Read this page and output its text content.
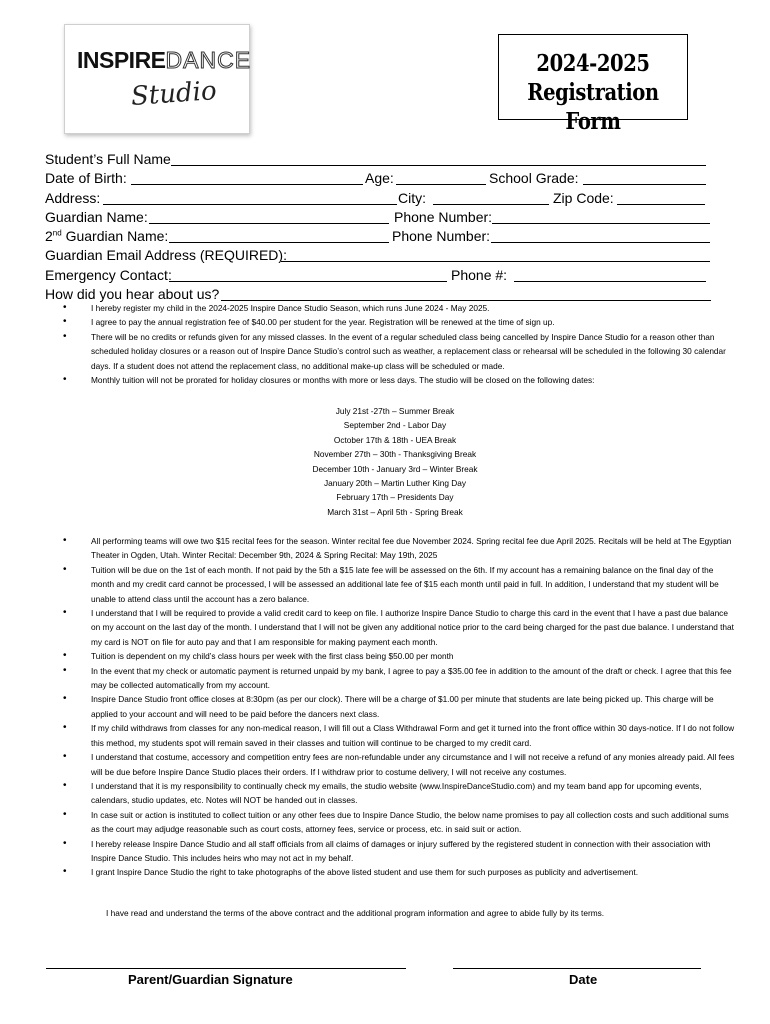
INSPIREDANCE
Studio
2024-2025
Registration Form
Student’s Full Name
Date of Birth:	Age:	School Grade:
Address:	City:	Zip Code:
Guardian Name:	Phone Number:
2nd Guardian Name:	Phone Number:
Guardian Email Address (REQUIRED):
Emergency Contact:	Phone #:
How did you hear about us?
• I hereby register my child in the 2024-2025 Inspire Dance Studio Season, which runs June 2024 - May 2025.
• I agree to pay the annual registration fee of $40.00 per student for the year. Registration will be renewed at the time of sign up.
• There will be no credits or refunds given for any missed classes. In the event of a regular scheduled class being cancelled by Inspire Dance Studio for a reason other than scheduled holiday closures or a reason out of Inspire Dance Studio’s control such as weather, a replacement class or rehearsal will be scheduled in the following 30 calendar days. If a student does not attend the replacement class, no additional make-up class will be scheduled or made.
• Monthly tuition will not be prorated for holiday closures or months with more or less days. The studio will be closed on the following dates:
July 21st -27th – Summer Break
September 2nd - Labor Day
October 17th & 18th - UEA Break
November 27th – 30th - Thanksgiving Break
December 10th - January 3rd – Winter Break
January 20th – Martin Luther King Day
February 17th – Presidents Day
March 31st – April 5th - Spring Break
• All performing teams will owe two $15 recital fees for the season. Winter recital fee due November 2024. Spring recital fee due April 2025. Recitals will be held at The Egyptian Theater in Ogden, Utah. Winter Recital: December 9th, 2024 & Spring Recital: May 19th, 2025
• Tuition will be due on the 1st of each month. If not paid by the 5th a $15 late fee will be assessed on the 6th. If my account has a remaining balance on the final day of the month and my credit card cannot be processed, I will be assessed an additional late fee of $15 each month until paid in full. In addition, I understand that my student will be unable to attend class until the account has a zero balance.
• I understand that I will be required to provide a valid credit card to keep on file. I authorize Inspire Dance Studio to charge this card in the event that I have a past due balance on my account on the last day of the month. I understand that I will not be given any additional notice prior to the card being charged for the past due balance. I understand that my card is NOT on file for auto pay and that I am responsible for making payment each month.
• Tuition is dependent on my child’s class hours per week with the first class being $50.00 per month
• In the event that my check or automatic payment is returned unpaid by my bank, I agree to pay a $35.00 fee in addition to the amount of the draft or check. I agree that this fee may be collected automatically from my account.
• Inspire Dance Studio front office closes at 8:30pm (as per our clock). There will be a charge of $1.00 per minute that students are late being picked up. This charge will be applied to your account and will need to be paid before the dancers next class.
• If my child withdraws from classes for any non-medical reason, I will fill out a Class Withdrawal Form and get it turned into the front office within 30 days-notice. If I do not follow this method, my students spot will remain saved in their classes and tuition will continue to be charged to my credit card.
• I understand that costume, accessory and competition entry fees are non-refundable under any circumstance and I will not receive a refund of any monies already paid. All fees will be due before Inspire Dance Studio places their orders. If I withdraw prior to costume delivery, I will not receive any costumes.
• I understand that it is my responsibility to continually check my emails, the studio website (www.InspireDanceStudio.com) and my team band app for upcoming events, calendars, studio updates, etc. Notes will NOT be handed out in classes.
• In case suit or action is instituted to collect tuition or any other fees due to Inspire Dance Studio, the below name promises to pay all collection costs and such additional sums as the court may adjudge reasonable such as court costs, attorney fees, service or process, etc. in said suit or action.
• I hereby release Inspire Dance Studio and all staff officials from all claims of damages or injury suffered by the registered student in connection with their association with Inspire Dance Studio. This includes heirs who may not act in my behalf.
• I grant Inspire Dance Studio the right to take photographs of the above listed student and use them for such purposes as publicity and advertisement.
I have read and understand the terms of the above contract and the additional program information and agree to abide fully by its terms.
Parent/Guardian Signature	Date
